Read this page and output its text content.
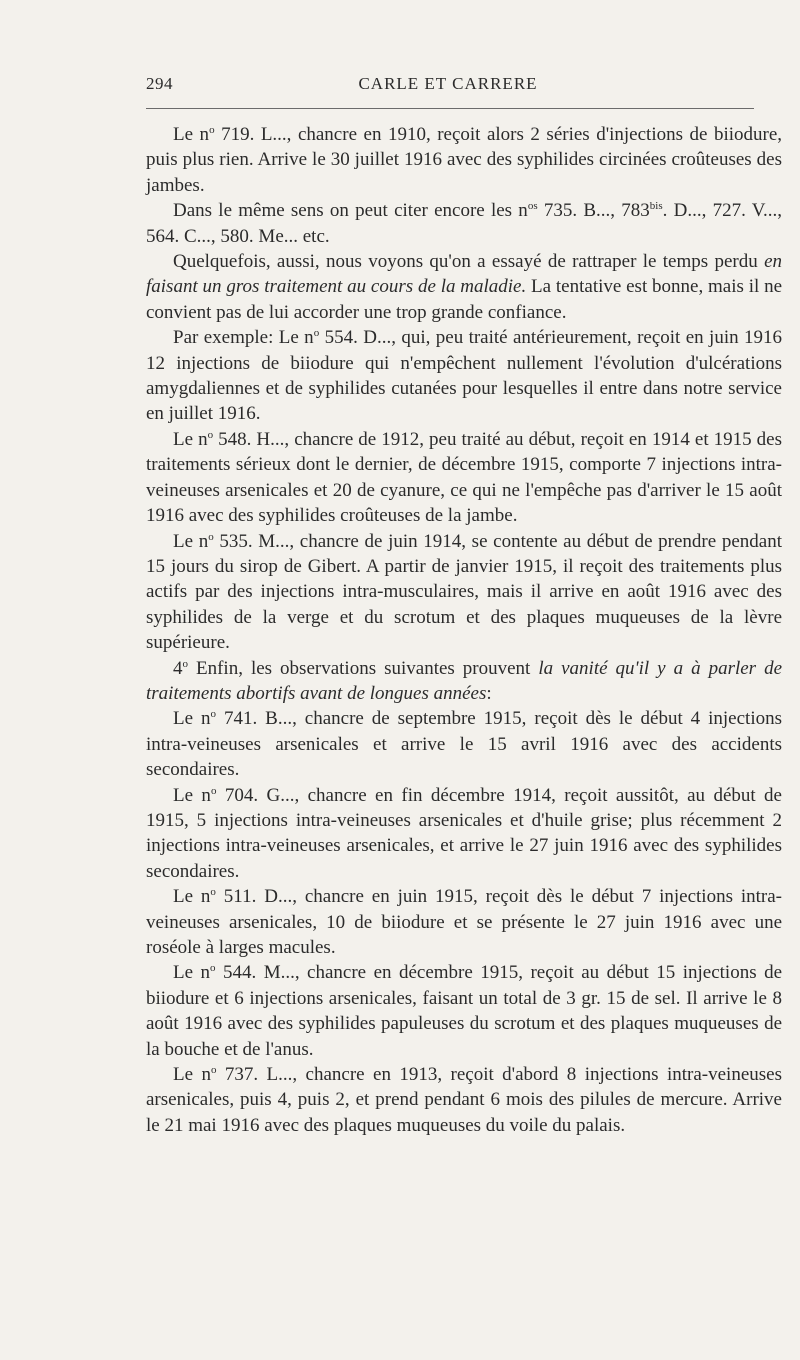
294	CARLE ET CARRERE

Le $n^o$ 719. L..., chancre en 1910, reçoit alors 2 séries d'injections de biiodure, puis plus rien. Arrive le 30 juillet 1916 avec des syphilides circinées croûteuses des jambes.

Dans le même sens on peut citer encore les $n^{os}$ 735. B..., $783^{bis}$. D..., 727. V..., 564. C..., 580. Me... etc.

Quelquefois, aussi, nous voyons qu'on a essayé de rattraper le temps perdu en faisant un gros traitement au cours de la maladie. La tentative est bonne, mais il ne convient pas de lui accorder une trop grande confiance.

Par exemple: Le $n^o$ 554. D..., qui, peu traité antérieurement, reçoit en juin 1916 12 injections de biiodure qui n'empêchent nullement l'évolution d'ulcérations amygdaliennes et de syphilides cutanées pour lesquelles il entre dans notre service en juillet 1916.

Le $n^o$ 548. H..., chancre de 1912, peu traité au début, reçoit en 1914 et 1915 des traitements sérieux dont le dernier, de décembre 1915, comporte 7 injections intra-veineuses arsenicales et 20 de cyanure, ce qui ne l'empêche pas d'arriver le 15 août 1916 avec des syphilides croûteuses de la jambe.

Le $n^o$ 535. M..., chancre de juin 1914, se contente au début de prendre pendant 15 jours du sirop de Gibert. A partir de janvier 1915, il reçoit des traitements plus actifs par des injections intra-musculaires, mais il arrive en août 1916 avec des syphilides de la verge et du scrotum et des plaques muqueuses de la lèvre supérieure.

4$^o$ Enfin, les observations suivantes prouvent la vanité qu'il y a à parler de traitements abortifs avant de longues années:

Le $n^o$ 741. B..., chancre de septembre 1915, reçoit dès le début 4 injections intra-veineuses arsenicales et arrive le 15 avril 1916 avec des accidents secondaires.

Le $n^o$ 704. G..., chancre en fin décembre 1914, reçoit aussitôt, au début de 1915, 5 injections intra-veineuses arsenicales et d'huile grise; plus récemment 2 injections intra-veineuses arsenicales, et arrive le 27 juin 1916 avec des syphilides secondaires.

Le $n^o$ 511. D..., chancre en juin 1915, reçoit dès le début 7 injections intra-veineuses arsenicales, 10 de biiodure et se présente le 27 juin 1916 avec une roséole à larges macules.

Le $n^o$ 544. M..., chancre en décembre 1915, reçoit au début 15 injections de biiodure et 6 injections arsenicales, faisant un total de 3 gr. 15 de sel. Il arrive le 8 août 1916 avec des syphilides papuleuses du scrotum et des plaques muqueuses de la bouche et de l'anus.

Le $n^o$ 737. L..., chancre en 1913, reçoit d'abord 8 injections intra-veineuses arsenicales, puis 4, puis 2, et prend pendant 6 mois des pilules de mercure. Arrive le 21 mai 1916 avec des plaques muqueuses du voile du palais.
